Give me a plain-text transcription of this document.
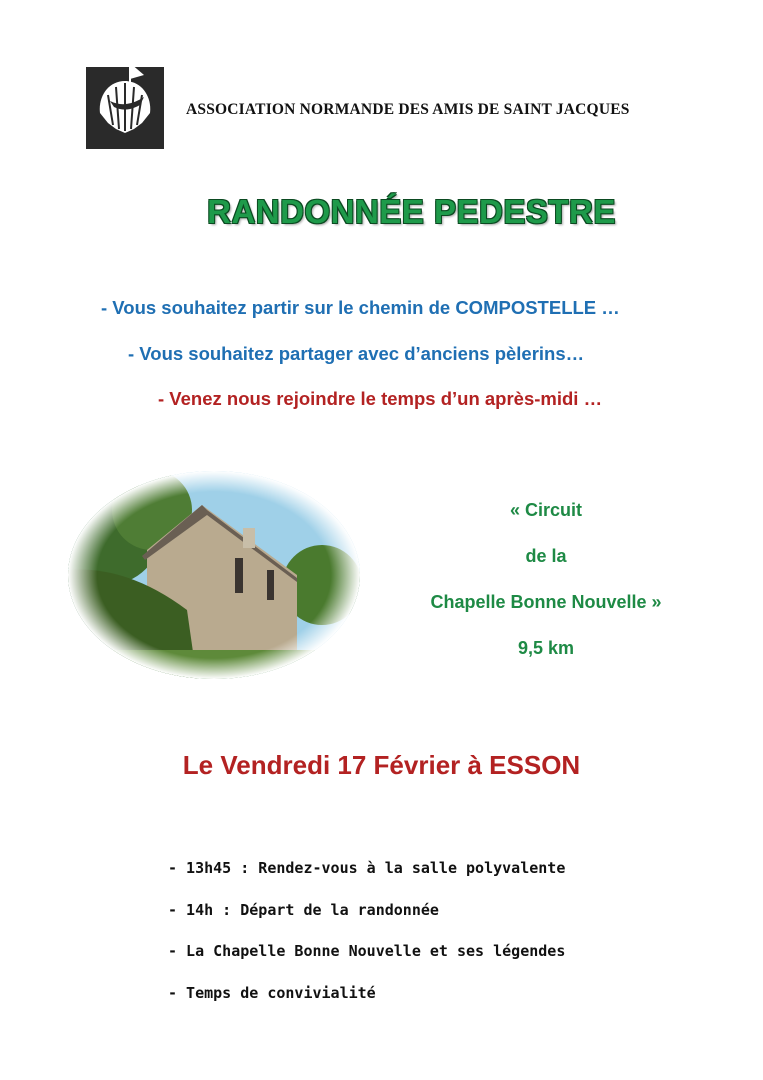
ASSOCIATION NORMANDE DES AMIS DE SAINT JACQUES
RANDONNÉE PEDESTRE
- Vous souhaitez partir sur le chemin de COMPOSTELLE …
- Vous souhaitez partager avec d’anciens pèlerins…
- Venez nous rejoindre le temps d’un après-midi …
« Circuit
de la
Chapelle Bonne Nouvelle »
9,5 km
Le Vendredi 17 Février à ESSON
- 13h45 : Rendez-vous à la salle polyvalente
- 14h : Départ de la randonnée
- La Chapelle Bonne Nouvelle et ses légendes
- Temps de convivialité
